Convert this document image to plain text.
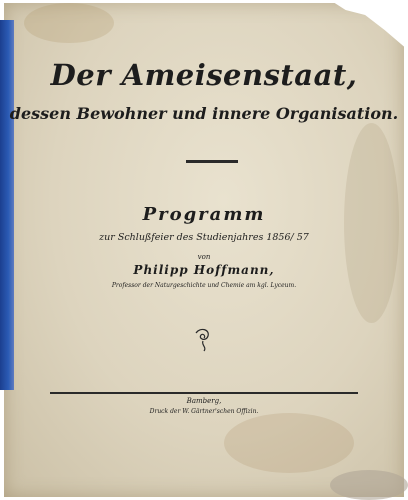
Der Ameisenstaat,
dessen Bewohner und innere Organisation.
Programm
zur Schlußfeier des Studienjahres 1856/ 57
von
Philipp Hoffmann,
Professor der Naturgeschichte und Chemie am kgl. Lyceum.
Bamberg,
Druck der W. Gärtner'schen Offizin.
